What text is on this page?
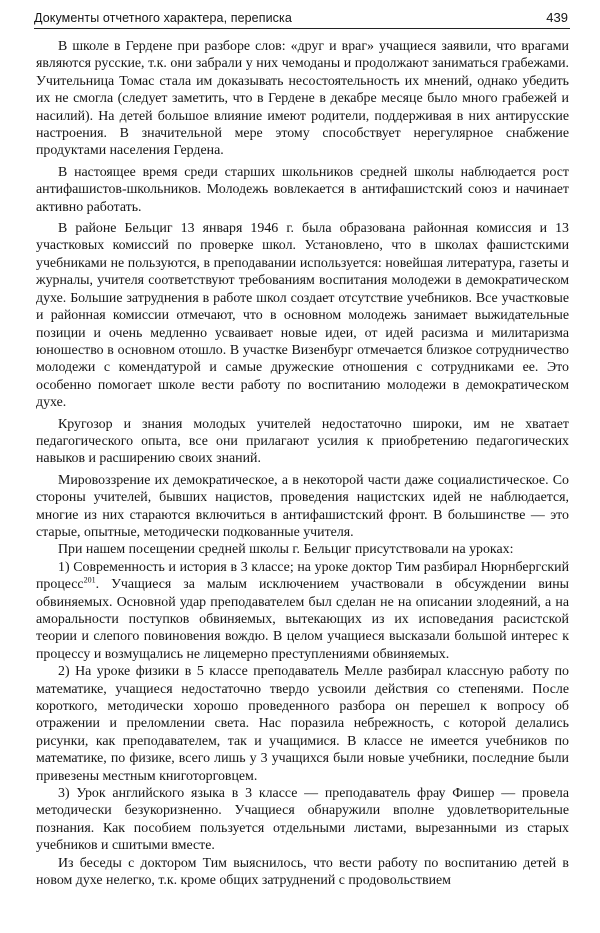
Документы отчетного характера, переписка	439

В школе в Гердене при разборе слов: «друг и враг» учащиеся заявили, что врагами являются русские, т.к. они забрали у них чемоданы и продолжают заниматься грабежами. Учительница Томас стала им доказывать несостоятельность их мнений, однако убедить их не смогла (следует заметить, что в Гердене в декабре месяце было много грабежей и насилий). На детей большое влияние имеют родители, поддерживая в них антирусские настроения. В значительной мере этому способствует нерегулярное снабжение продуктами населения Гердена.

В настоящее время среди старших школьников средней школы наблюдается рост антифашистов-школьников. Молодежь вовлекается в антифашистский союз и начинает активно работать.

В районе Бельциг 13 января 1946 г. была образована районная комиссия и 13 участковых комиссий по проверке школ. Установлено, что в школах фашистскими учебниками не пользуются, в преподавании используется: новейшая литература, газеты и журналы, учителя соответствуют требованиям воспитания молодежи в демократическом духе. Большие затруднения в работе школ создает отсутствие учебников. Все участковые и районная комиссии отмечают, что в основном молодежь занимает выжидательные позиции и очень медленно усваивает новые идеи, от идей расизма и милитаризма юношество в основном отошло. В участке Визенбург отмечается близкое сотрудничество молодежи с комендатурой и самые дружеские отношения с сотрудниками ее. Это особенно помогает школе вести работу по воспитанию молодежи в демократическом духе.

Кругозор и знания молодых учителей недостаточно широки, им не хватает педагогического опыта, все они прилагают усилия к приобретению педагогических навыков и расширению своих знаний.

Мировоззрение их демократическое, а в некоторой части даже социалистическое. Со стороны учителей, бывших нацистов, проведения нацистских идей не наблюдается, многие из них стараются включиться в антифашистский фронт. В большинстве — это старые, опытные, методически подкованные учителя.

При нашем посещении средней школы г. Бельциг присутствовали на уроках:

1) Современность и история в 3 классе; на уроке доктор Тим разбирал Нюрнбергский процесс$^{201}$. Учащиеся за малым исключением участвовали в обсуждении вины обвиняемых. Основной удар преподавателем был сделан не на описании злодеяний, а на аморальности поступков обвиняемых, вытекающих из их исповедания расистской теории и слепого повиновения вождю. В целом учащиеся высказали большой интерес к процессу и возмущались не лицемерно преступлениями обвиняемых.

2) На уроке физики в 5 классе преподаватель Мелле разбирал классную работу по математике, учащиеся недостаточно твердо усвоили действия со степенями. После короткого, методически хорошо проведенного разбора он перешел к вопросу об отражении и преломлении света. Нас поразила небрежность, с которой делались рисунки, как преподавателем, так и учащимися. В классе не имеется учебников по математике, по физике, всего лишь у 3 учащихся были новые учебники, последние были привезены местным книготорговцем.

3) Урок английского языка в 3 классе — преподаватель фрау Фишер — провела методически безукоризненно. Учащиеся обнаружили вполне удовлетворительные познания. Как пособием пользуется отдельными листами, вырезанными из старых учебников и сшитыми вместе.

Из беседы с доктором Тим выяснилось, что вести работу по воспитанию детей в новом духе нелегко, т.к. кроме общих затруднений с продовольствием
